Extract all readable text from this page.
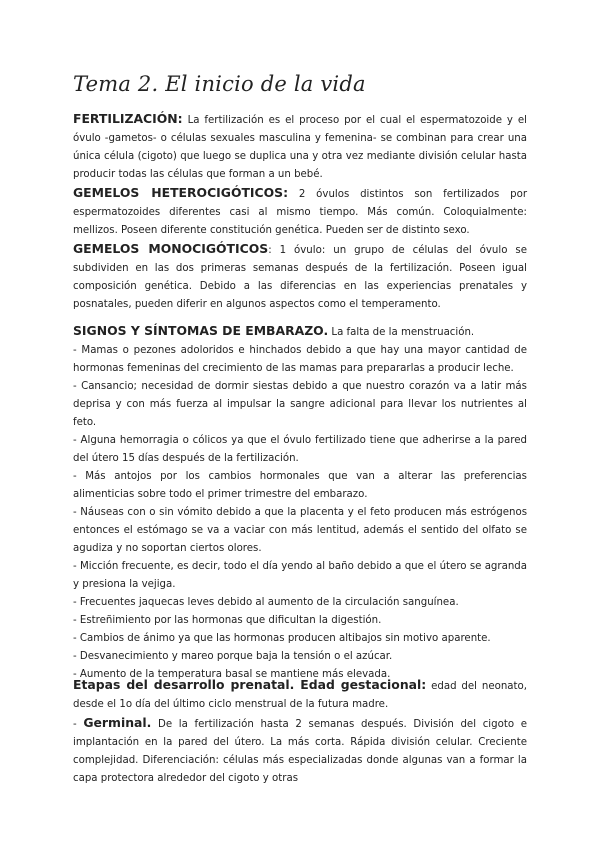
Tema 2. El inicio de la vida

FERTILIZACIÓN: La fertilización es el proceso por el cual el espermatozoide y el óvulo -gametos- o células sexuales masculina y femenina- se combinan para crear una única célula (cigoto) que luego se duplica una y otra vez mediante división celular hasta producir todas las células que forman a un bebé.

GEMELOS HETEROCIGÓTICOS: 2 óvulos distintos son fertilizados por espermatozoides diferentes casi al mismo tiempo. Más común. Coloquialmente: mellizos. Poseen diferente constitución genética. Pueden ser de distinto sexo.

GEMELOS MONOCIGÓTICOS: 1 óvulo: un grupo de células del óvulo se subdividen en las dos primeras semanas después de la fertilización. Poseen igual composición genética. Debido a las diferencias en las experiencias prenatales y posnatales, pueden diferir en algunos aspectos como el temperamento.

SIGNOS Y SÍNTOMAS DE EMBARAZO. La falta de la menstruación.

- Mamas o pezones adoloridos e hinchados debido a que hay una mayor cantidad de hormonas femeninas del crecimiento de las mamas para prepararlas a producir leche.

- Cansancio; necesidad de dormir siestas debido a que nuestro corazón va a latir más deprisa y con más fuerza al impulsar la sangre adicional para llevar los nutrientes al feto.

- Alguna hemorragia o cólicos ya que el óvulo fertilizado tiene que adherirse a la pared del útero 15 días después de la fertilización.

- Más antojos por los cambios hormonales que van a alterar las preferencias alimenticias sobre todo el primer trimestre del embarazo.

- Náuseas con o sin vómito debido a que la placenta y el feto producen más estrógenos entonces el estómago se va a vaciar con más lentitud, además el sentido del olfato se agudiza y no soportan ciertos olores.

- Micción frecuente, es decir, todo el día yendo al baño debido a que el útero se agranda y presiona la vejiga.

- Frecuentes jaquecas leves debido al aumento de la circulación sanguínea.

- Estreñimiento por las hormonas que dificultan la digestión.

- Cambios de ánimo ya que las hormonas producen altibajos sin motivo aparente.

- Desvanecimiento y mareo porque baja la tensión o el azúcar.

- Aumento de la temperatura basal se mantiene más elevada.

Etapas del desarrollo prenatal. Edad gestacional: edad del neonato, desde el 1o día del último ciclo menstrual de la futura madre.

- Germinal. De la fertilización hasta 2 semanas después. División del cigoto e implantación en la pared del útero. La más corta. Rápida división celular. Creciente complejidad. Diferenciación: células más especializadas donde algunas van a formar la capa protectora alrededor del cigoto y otras
